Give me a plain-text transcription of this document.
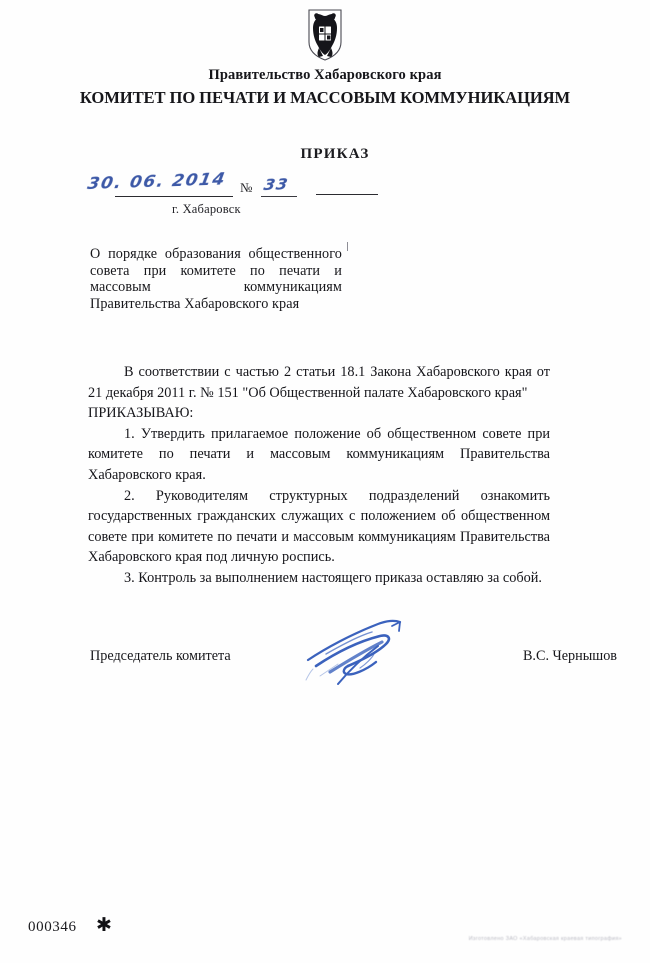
Правительство Хабаровского края
КОМИТЕТ ПО ПЕЧАТИ И МАССОВЫМ КОММУНИКАЦИЯМ
ПРИКАЗ
30. 06. 2014 № 33
г. Хабаровск
О порядке образования общественного совета при комитете по печати и массовым коммуникациям Правительства Хабаровского края

В соответствии с частью 2 статьи 18.1 Закона Хабаровского края от 21 декабря 2011 г. № 151 "Об Общественной палате Хабаровского края"

ПРИКАЗЫВАЮ:

1. Утвердить прилагаемое положение об общественном совете при комитете по печати и массовым коммуникациям Правительства Хабаровского края.

2. Руководителям структурных подразделений ознакомить государственных гражданских служащих с положением об общественном совете при комитете по печати и массовым коммуникациям Правительства Хабаровского края под личную роспись.

3. Контроль за выполнением настоящего приказа оставляю за собой.

Председатель комитета	В.С. Чернышов
000346 ✱
Изготовлено ЗАО «Хабаровская краевая типография»
